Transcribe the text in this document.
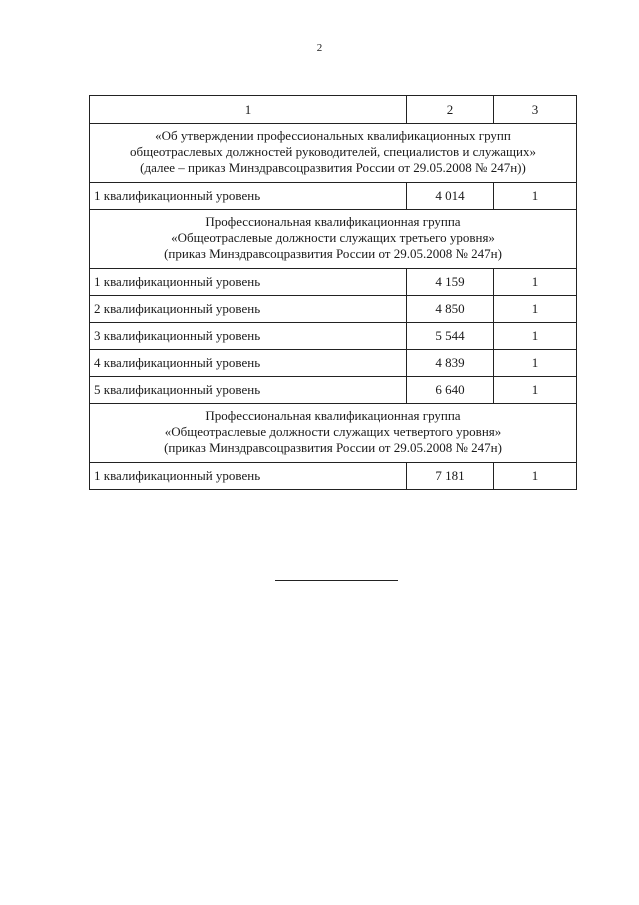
2
1	2	3

«Об утверждении профессиональных квалификационных групп
общеотраслевых должностей руководителей, специалистов и служащих»
(далее – приказ Минздравсоцразвития России от 29.05.2008 № 247н))		

1 квалификационный уровень	4 014	1

Профессиональная квалификационная группа
«Общеотраслевые должности служащих третьего уровня»
(приказ Минздравсоцразвития России от 29.05.2008 № 247н)		

1 квалификационный уровень	4 159	1
2 квалификационный уровень	4 850	1
3 квалификационный уровень	5 544	1
4 квалификационный уровень	4 839	1
5 квалификационный уровень	6 640	1

Профессиональная квалификационная группа
«Общеотраслевые должности служащих четвертого уровня»
(приказ Минздравсоцразвития России от 29.05.2008 № 247н)		

1 квалификационный уровень	7 181	1
